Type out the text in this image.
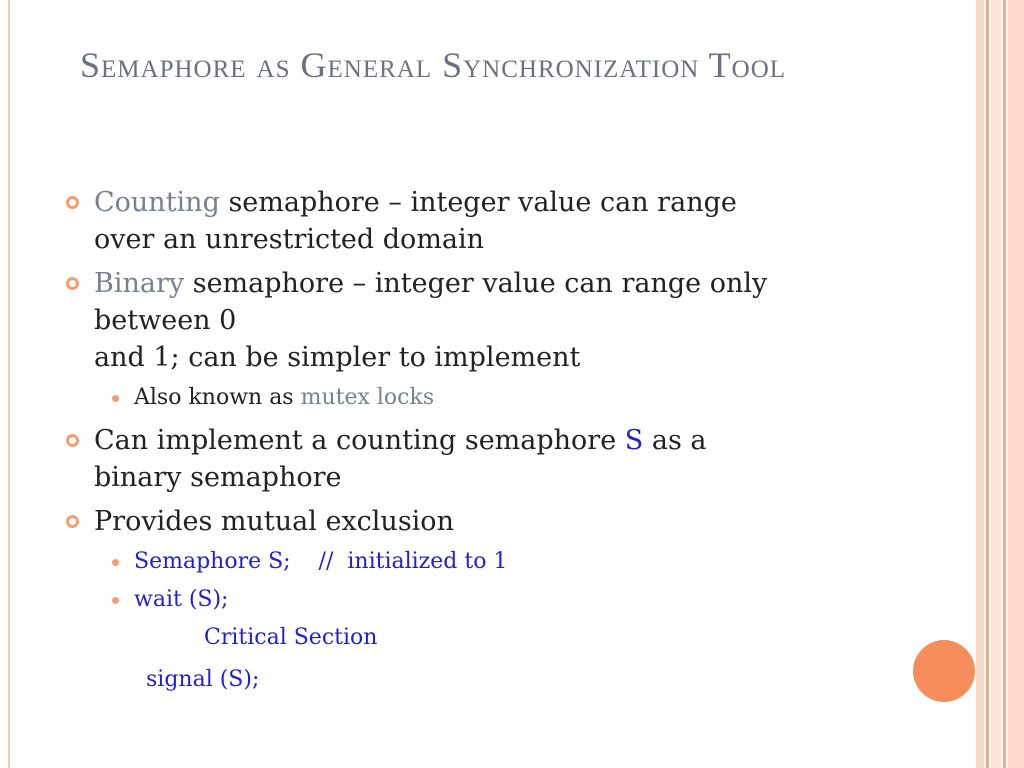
Semaphore as General Synchronization Tool
Counting semaphore – integer value can range
over an unrestricted domain
Binary semaphore – integer value can range only
between 0
and 1; can be simpler to implement
Also known as mutex locks
Can implement a counting semaphore S as a
binary semaphore
Provides mutual exclusion
Semaphore S;    //  initialized to 1
wait (S);
Critical Section
signal (S);
